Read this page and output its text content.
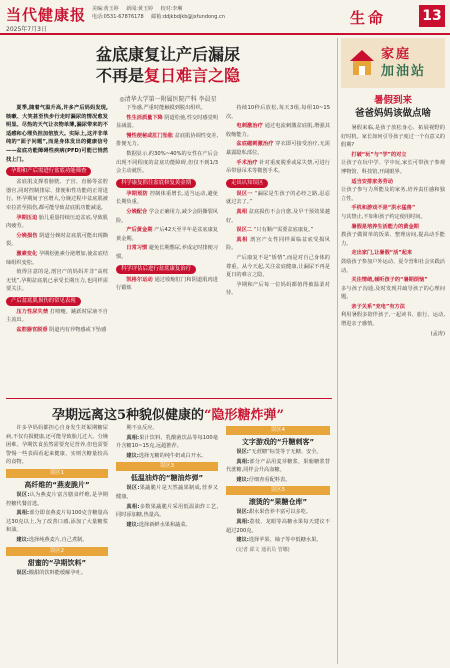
当代健康报
2025年7月3日
美编:黄玉婷 新闻:黄玉婷 校对:李琳
电话:0531-67876178 邮箱:ddjkbdjkb@jxfundong.cn	生命	13
盆底康复让产后漏尿
不再是复日难言之隐
◎清华大学第一附属医院产科 李晨星

夏季,随着气温升高,许多产后妈妈发现,咳嗽、大笑甚至快步行走时漏尿的情况愈发明显。尽热的天气让衣物单薄,漏尿带来的不适感和心理负担加倍放大。实际上,这并非单纯的“面子问题”,而是身体发出的健康信号——盆底功能障碍性疾病(PFD)可能已悄然找上门。

孕期和产后需进行盆底功能筛查

盆底肌支撑着膀胱、子宫、直肠等盆腔器官,同时控制排尿、排便和性功能的正常进行。怀孕期间子宫增大,分娩过程中盆底肌被牵拉甚至损伤,都可能导致盆底肌功能减退。

孕期压迫 胎儿重量持续压迫盆底,导致肌肉疲劳。

分娩损伤 阴道分娩时盆底肌可能出现撕裂。

激素变化 孕期松弛素分泌增加,使盆底结缔组织变松。

值得注意的是,剖宫产的妈妈并非“高枕无忧”,孕期盆底肌已承受长期压力,也同样需要关注。

产后盆底肌损伤的常见表现

压力性尿失禁 打喷嚏、跳跃时尿液不自主流出。

盆腔器官脱垂 阴道内有异物感或下坠感

下坠感,严重时能触摸到脱出组织。

性生活质量下降 阴道松弛,性交时感觉明显减弱。

慢性便秘或肛门坠胀 盆底肌协调性变差,排便无力。

数据显示,约30%~40%的女性在产后会出现不同程度的盆底功能障碍,但仅不到1/3会主动就医。

科学康复抓住盆底修复黄金期

孕期预防 控制体重增长,适当运动,避免长期负重。

分娩配合 学会正确用力,减少会阴撕裂风险。

产后黄金期 产后42天至半年是盆底康复黄金期。

日常习惯 避免长期憋尿,养成定时排便习惯。

科学评估后进行盆底康复治疗

凯格尔运动 通过收缩肛门和阴道肌肉进行锻炼

持续10秒后放松,每天3组,每组10~15次。

电刺激治疗 通过电流刺激盆底肌,增强其收缩能力。

盆底磁刺激治疗 穿衣即可接受治疗,无需暴露隐私部位。

手术治疗 针对重度脱垂或尿失禁,可进行吊带悬吊术等微创手术。

走出认知误区

误区一 “漏尿是生孩子的必经之路,忍忍就过去了。”

真相 盆底损伤不会自愈,及早干预效果越好。

误区二 “只有顺产需要盆底康复。”

真相 剖宫产女性同样面临盆底受损风险。

产后康复不是“矫情”,而是对自己身体的尊重。从今天起,关注盆底健康,让漏尿不再是夏日的难言之隐。

孕期和产后每一位妈妈都值得被温柔对待。

孕期远离这5种貌似健康的“隐形糖炸弹”

许多孕妈妈都担心自身发生妊娠期糖尿病,不仅有损健康,还可能导致胎儿过大、分娩困难。孕期饮食虽然需要充足营养,但也需要警惕一些表面看起来健康、实则含糖量较高的食物。

误区1
高纤维的“燕麦脆片”

误区:认为燕麦片富含膳食纤维,是孕期控糖代餐首选。

真相:部分即食燕麦片每100克含糖量高达30克以上,为了改善口感,添加了大量糖浆和油。

建议:选择纯燕麦片,自己煮制。

误区2
甜蜜的“孕期饮料”

误区:酸甜的饮料能缓解孕吐。

期不良反应。

真相:果汁饮料、乳酸菌饮品等每100毫升含糖10~15克,远超推荐。

建议:选择无糖的纯牛奶或白开水。

误区3
低温油炸的“糖油炸弹”

误区:果蔬脆片是天然蔬果制成,营养又健康。

真相:多数果蔬脆片采用低温油炸工艺,同时添加糖,热量高。

建议:选择新鲜水果和蔬菜。

误区4
文字游戏的“升糖刺客”

误区:“无蔗糖”标签等于无糖、安全。

真相:部分产品用麦芽糖浆、果葡糖浆替代蔗糖,同样会升高血糖。

建议:仔细查看配料表。

误区5
滚烫的“果糖仓库”

误区:甜水果营养丰富可以多吃。

真相:荔枝、龙眼等高糖水果每天建议不超过200克。

建议:选择苹果、柚子等中低糖水果。

(记者 邱文 通讯员 管娜)

家庭
加油站
暑假到来
爸爸妈妈该做点啥

暑假来临,是孩子放松身心、拓展视野的好时机。家长如何引导孩子度过一个有意义的假期?

打破“玩”与“学”的对立
让孩子在玩中学、学中玩,家长可带孩子参观博物馆、科技馆,开阔眼界。

适当安排家务劳动
让孩子参与力所能及的家务,培养责任感和独立性。

手机和游戏不是“洪水猛兽”
与其禁止,不如和孩子约定使用时间。

暑假是培养生活能力的黄金期
教孩子做简单的饭菜、整理房间,提高动手能力。

走出家门,让暑假“活”起来
鼓励孩子参加户外运动、夏令营和社会实践活动。

关注情绪,倾听孩子的“暑期烦恼”
多与孩子沟通,及时发现并疏导孩子的心理问题。

亲子关系“充电”有方法
利用暑假多陪伴孩子,一起读书、旅行、运动,增进亲子感情。

(孟涛)
